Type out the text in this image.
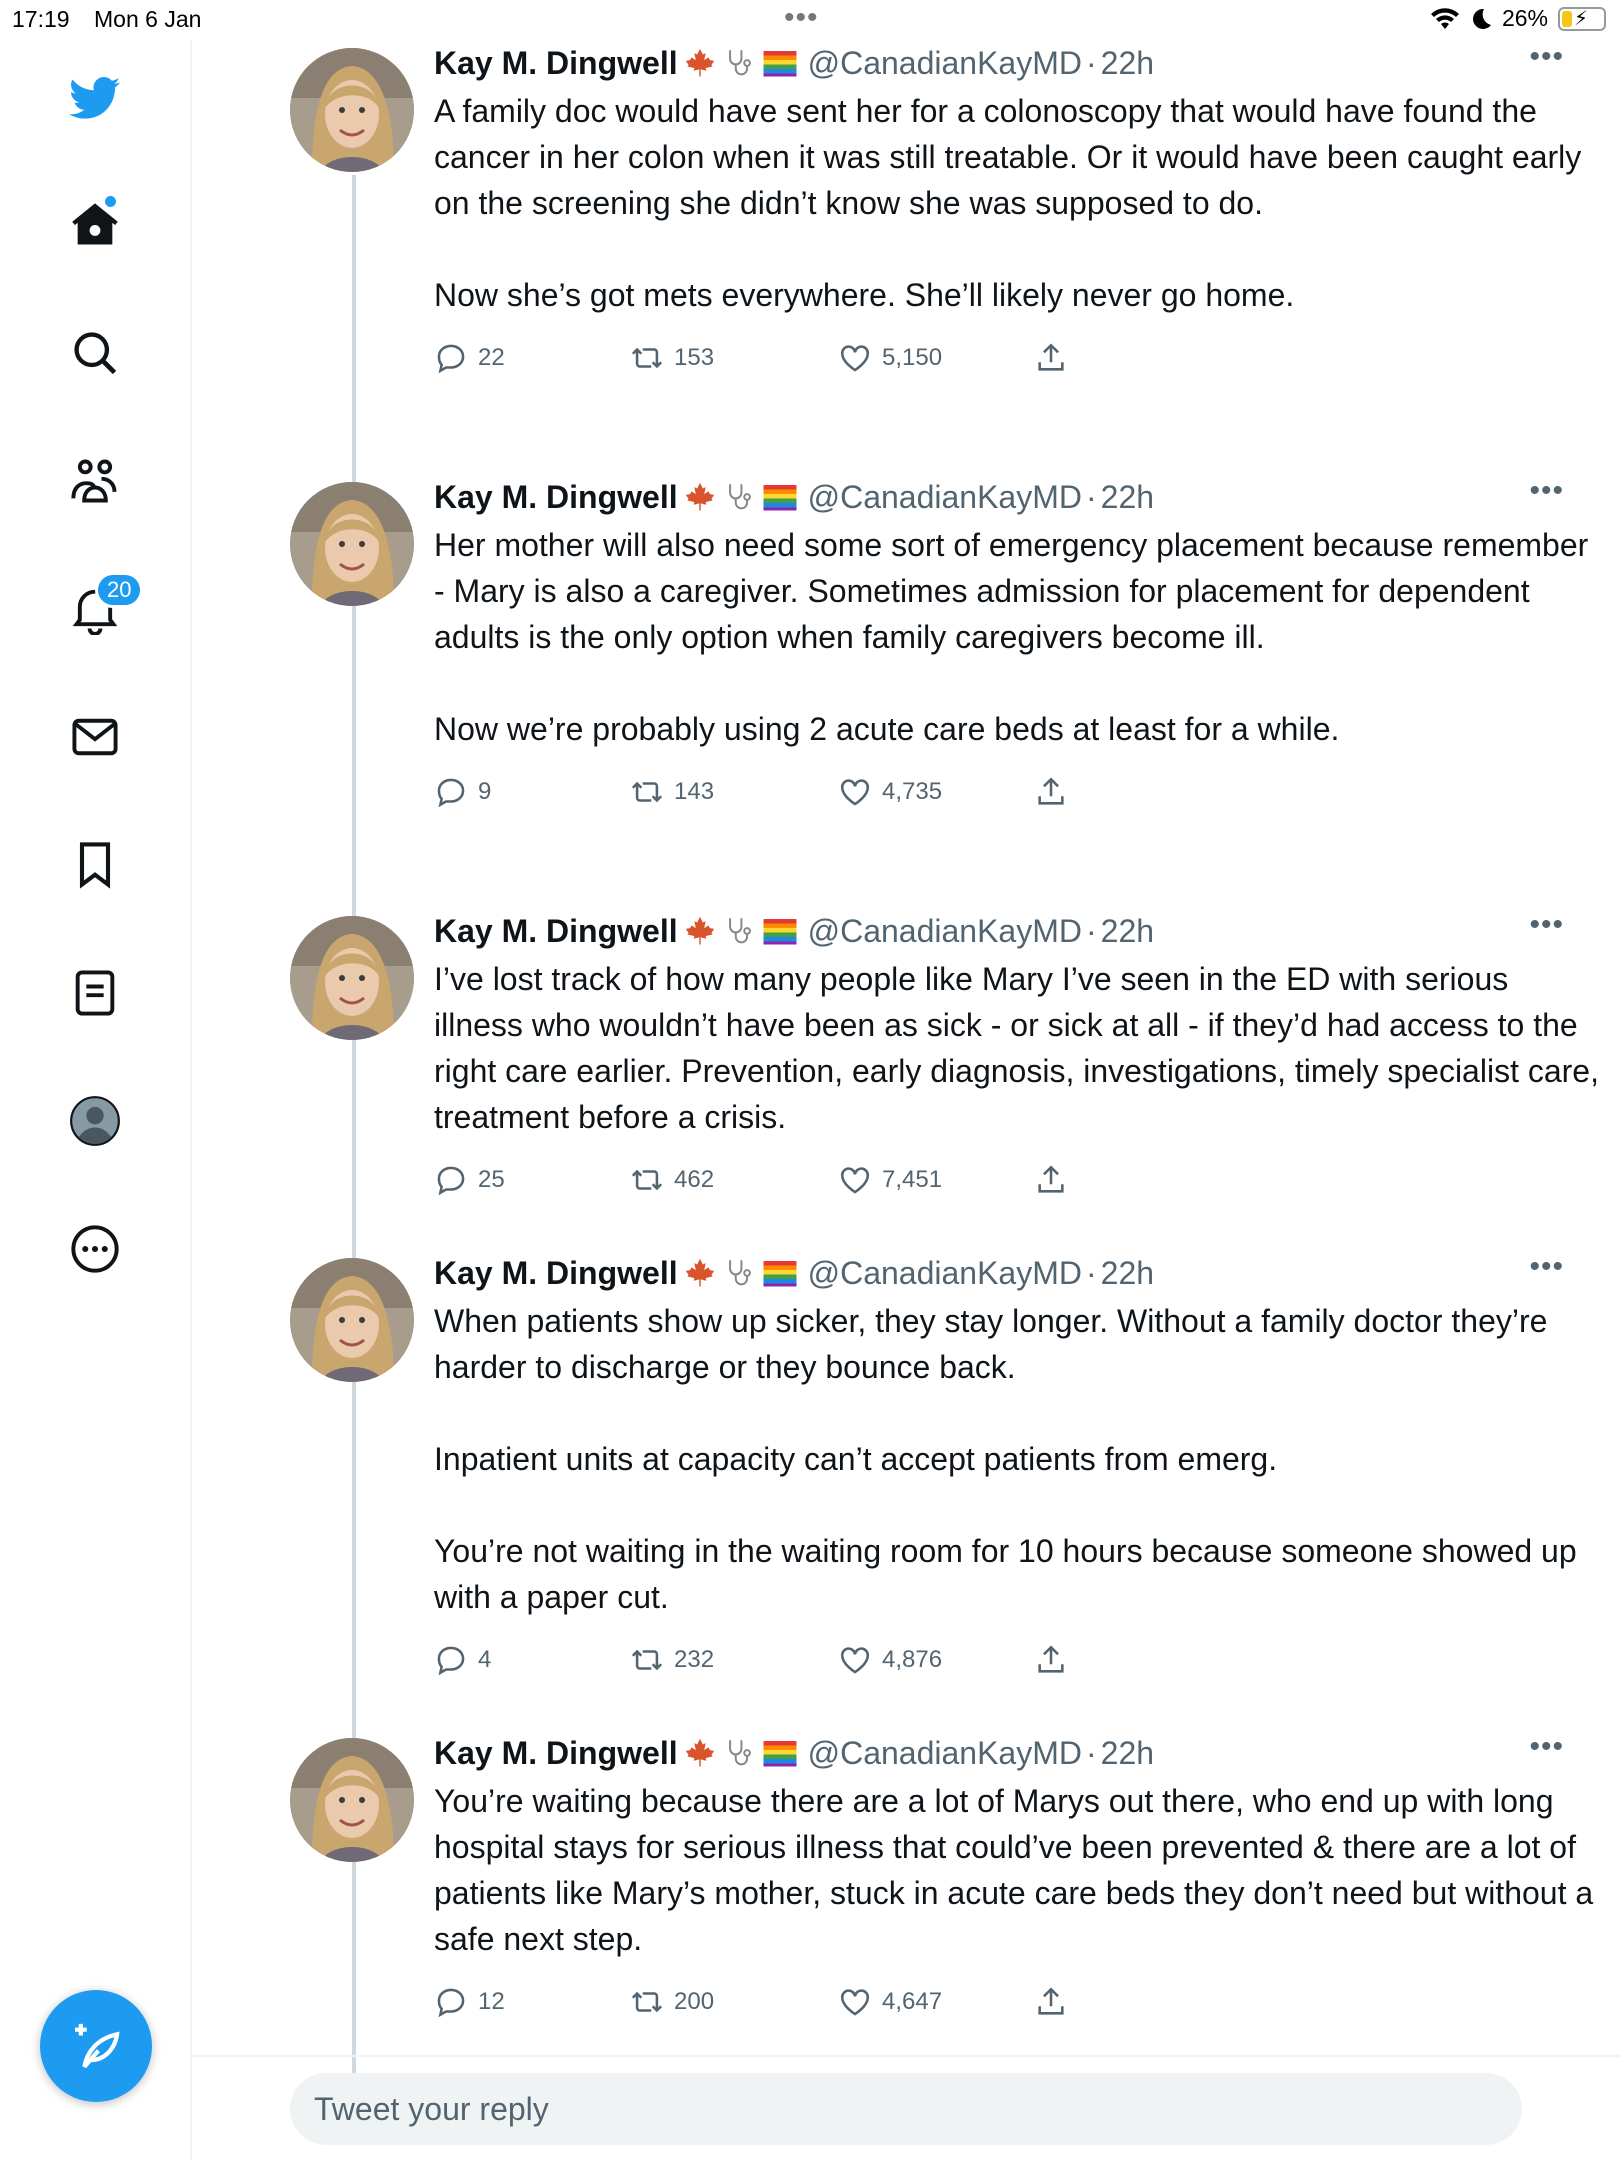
17:19 Mon 6 Jan	•••	26% ⚡
20
Kay M. Dingwell	@CanadianKayMD · 22h	•••
A family doc would have sent her for a colonoscopy that would have found the cancer in her colon when it was still treatable. Or it would have been caught early on the screening she didn’t know she was supposed to do.

Now she’s got mets everywhere. She’ll likely never go home.
22	153	5,150
Kay M. Dingwell	@CanadianKayMD · 22h	•••
Her mother will also need some sort of emergency placement because remember - Mary is also a caregiver. Sometimes admission for placement for dependent adults is the only option when family caregivers become ill.

Now we’re probably using 2 acute care beds at least for a while.
9	143	4,735
Kay M. Dingwell	@CanadianKayMD · 22h	•••
I’ve lost track of how many people like Mary I’ve seen in the ED with serious illness who wouldn’t have been as sick - or sick at all - if they’d had access to the right care earlier. Prevention, early diagnosis, investigations, timely specialist care, treatment before a crisis.
25	462	7,451
Kay M. Dingwell	@CanadianKayMD · 22h	•••
When patients show up sicker, they stay longer. Without a family doctor they’re harder to discharge or they bounce back.

Inpatient units at capacity can’t accept patients from emerg.

You’re not waiting in the waiting room for 10 hours because someone showed up with a paper cut.
4	232	4,876
Kay M. Dingwell	@CanadianKayMD · 22h	•••
You’re waiting because there are a lot of Marys out there, who end up with long hospital stays for serious illness that could’ve been prevented & there are a lot of patients like Mary’s mother, stuck in acute care beds they don’t need but without a safe next step.
12	200	4,647
Tweet your reply
